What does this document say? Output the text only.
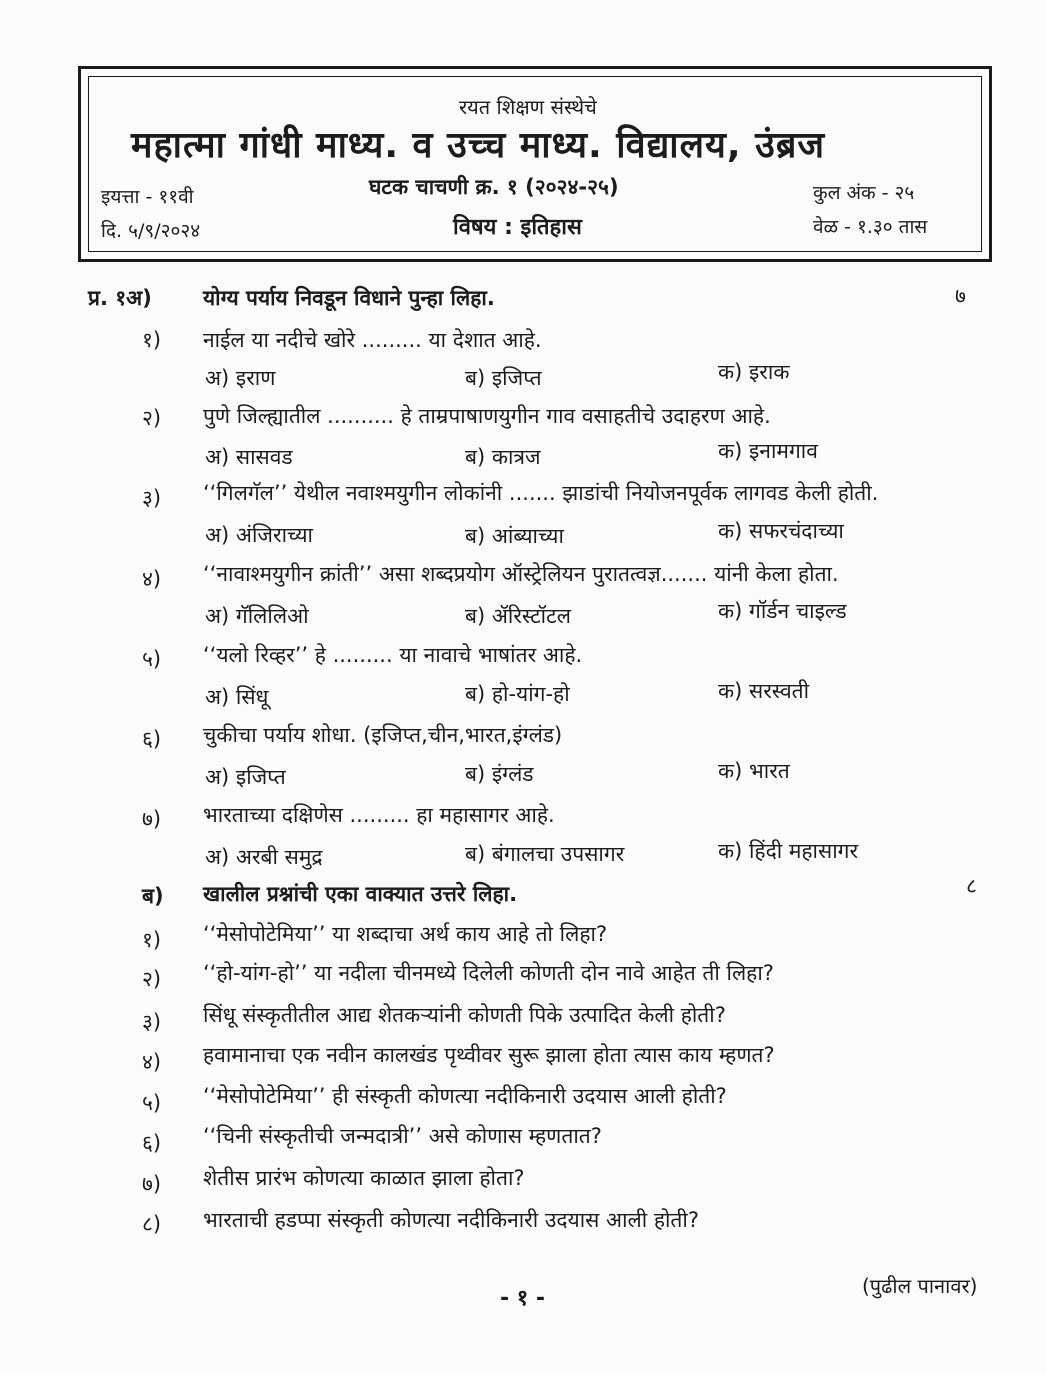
रयत शिक्षण संस्थेचे
महात्मा गांधी माध्य. व उच्च माध्य. विद्यालय, उंब्रज
घटक चाचणी क्र. १ (२०२४-२५)
इयत्ता - ११वी
दि. ५/९/२०२४	विषय : इतिहास
कुल अंक - २५
वेळ - १.३० तास
प्र. १अ) योग्य पर्याय निवडून विधाने पुन्हा लिहा.	७
१) नाईल या नदीचे खोरे ......... या देशात आहे.
अ) इराण	ब) इजिप्त	क) इराक
२) पुणे जिल्ह्यातील .......... हे ताम्रपाषाणयुगीन गाव वसाहतीचे उदाहरण आहे.
अ) सासवड	ब) कात्रज	क) इनामगाव
३) ‘‘गिलगॅल’’ येथील नवाश्मयुगीन लोकांनी ....... झाडांची नियोजनपूर्वक लागवड केली होती.
अ) अंजिराच्या	ब) आंब्याच्या	क) सफरचंदाच्या
४) ‘‘नावाश्मयुगीन क्रांती’’ असा शब्दप्रयोग ऑस्ट्रेलियन पुरातत्वज्ञ....... यांनी केला होता.
अ) गॅलिलिओ	ब) ॲरिस्टॉटल	क) गॉर्डन चाइल्ड
५) ‘‘यलो रिव्हर’’ हे ......... या नावाचे भाषांतर आहे.
अ) सिंधू	ब) हो-यांग-हो	क) सरस्वती
६) चुकीचा पर्याय शोधा. (इजिप्त,चीन,भारत,इंग्लंड)
अ) इजिप्त	ब) इंग्लंड	क) भारत
७) भारताच्या दक्षिणेस ......... हा महासागर आहे.
अ) अरबी समुद्र	ब) बंगालचा उपसागर	क) हिंदी महासागर
ब) खालील प्रश्नांची एका वाक्यात उत्तरे लिहा.	८
१) ‘‘मेसोपोटेमिया’’ या शब्दाचा अर्थ काय आहे तो लिहा?
२) ‘‘हो-यांग-हो’’ या नदीला चीनमध्ये दिलेली कोणती दोन नावे आहेत ती लिहा?
३) सिंधू संस्कृतीतील आद्य शेतकऱ्यांनी कोणती पिके उत्पादित केली होती?
४) हवामानाचा एक नवीन कालखंड पृथ्वीवर सुरू झाला होता त्यास काय म्हणत?
५) ‘‘मेसोपोटेमिया’’ ही संस्कृती कोणत्या नदीकिनारी उदयास आली होती?
६) ‘‘चिनी संस्कृतीची जन्मदात्री’’ असे कोणास म्हणतात?
७) शेतीस प्रारंभ कोणत्या काळात झाला होता?
८) भारताची हडप्पा संस्कृती कोणत्या नदीकिनारी उदयास आली होती?
- १ -	(पुढील पानावर)
